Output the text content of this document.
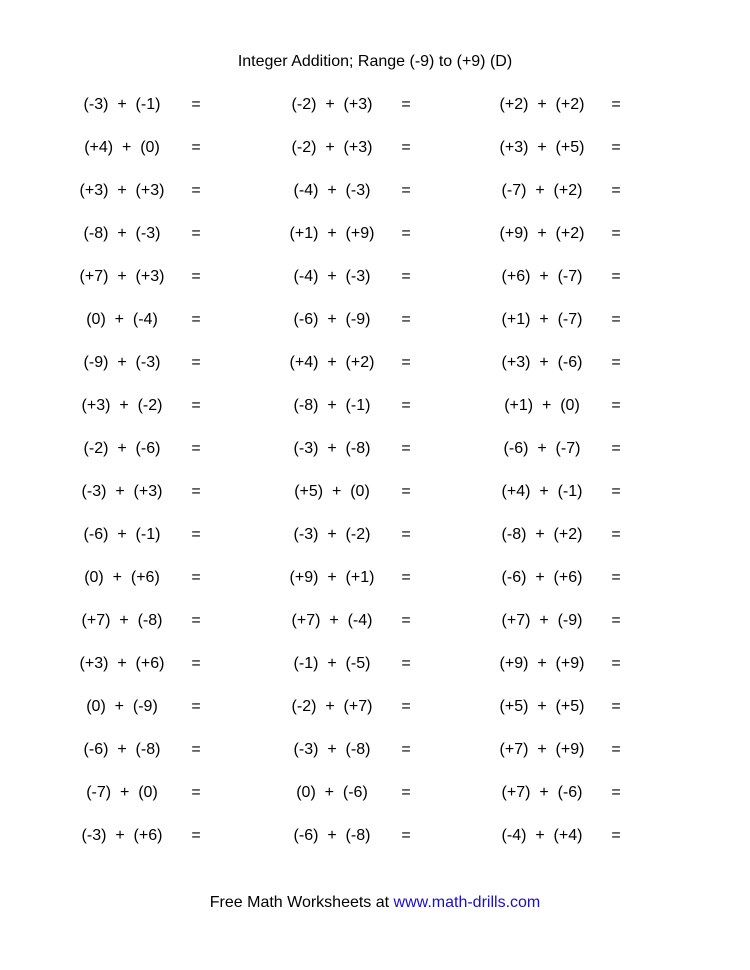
Integer Addition; Range (-9) to (+9) (D)
(-3)  +  (-1)	=	(-2)  +  (+3)	=	(+2)  +  (+2)	=
(+4)  +  (0)	=	(-2)  +  (+3)	=	(+3)  +  (+5)	=
(+3)  +  (+3)	=	(-4)  +  (-3)	=	(-7)  +  (+2)	=
(-8)  +  (-3)	=	(+1)  +  (+9)	=	(+9)  +  (+2)	=
(+7)  +  (+3)	=	(-4)  +  (-3)	=	(+6)  +  (-7)	=
(0)  +  (-4)	=	(-6)  +  (-9)	=	(+1)  +  (-7)	=
(-9)  +  (-3)	=	(+4)  +  (+2)	=	(+3)  +  (-6)	=
(+3)  +  (-2)	=	(-8)  +  (-1)	=	(+1)  +  (0)	=
(-2)  +  (-6)	=	(-3)  +  (-8)	=	(-6)  +  (-7)	=
(-3)  +  (+3)	=	(+5)  +  (0)	=	(+4)  +  (-1)	=
(-6)  +  (-1)	=	(-3)  +  (-2)	=	(-8)  +  (+2)	=
(0)  +  (+6)	=	(+9)  +  (+1)	=	(-6)  +  (+6)	=
(+7)  +  (-8)	=	(+7)  +  (-4)	=	(+7)  +  (-9)	=
(+3)  +  (+6)	=	(-1)  +  (-5)	=	(+9)  +  (+9)	=
(0)  +  (-9)	=	(-2)  +  (+7)	=	(+5)  +  (+5)	=
(-6)  +  (-8)	=	(-3)  +  (-8)	=	(+7)  +  (+9)	=
(-7)  +  (0)	=	(0)  +  (-6)	=	(+7)  +  (-6)	=
(-3)  +  (+6)	=	(-6)  +  (-8)	=	(-4)  +  (+4)	=
Free Math Worksheets at www.math-drills.com
